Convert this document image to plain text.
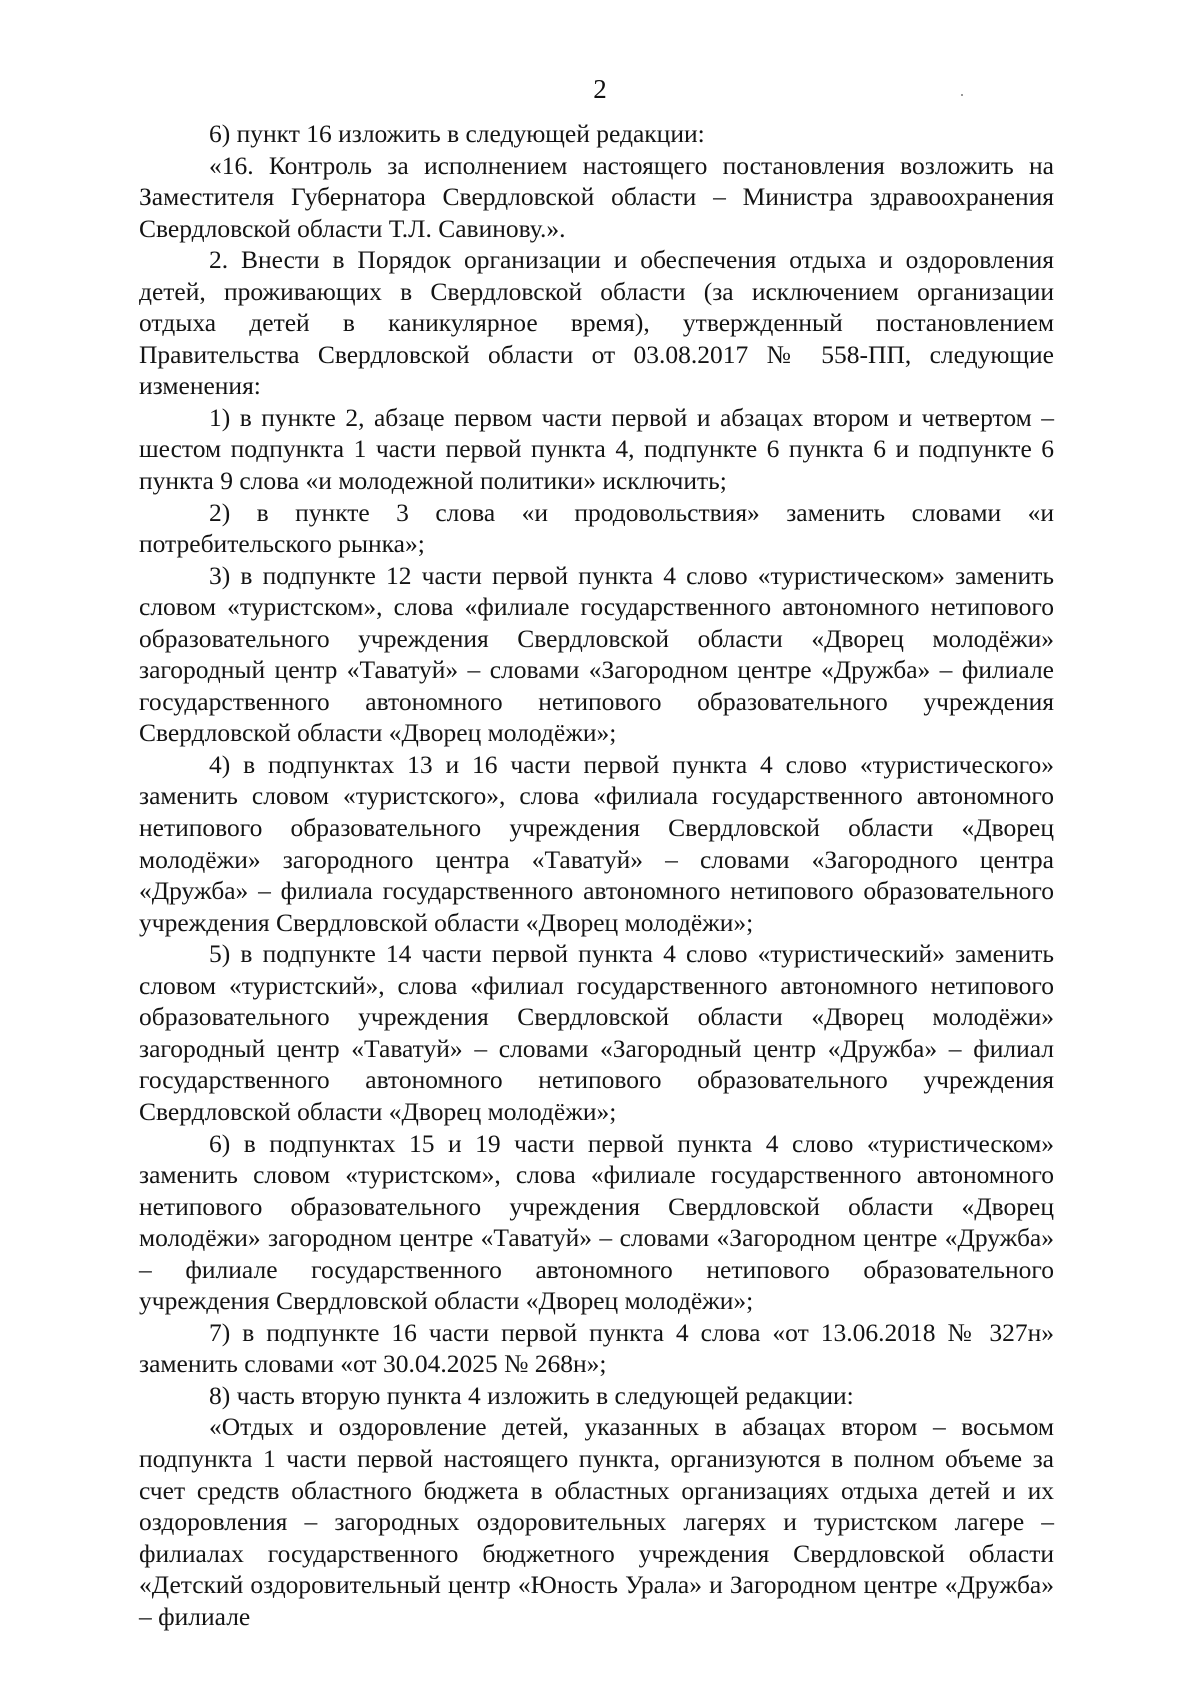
2

6) пункт 16 изложить в следующей редакции:

«16. Контроль за исполнением настоящего постановления возложить на Заместителя Губернатора Свердловской области – Министра здравоохранения Свердловской области Т.Л. Савинову.».

2. Внести в Порядок организации и обеспечения отдыха и оздоровления детей, проживающих в Свердловской области (за исключением организации отдыха детей в каникулярное время), утвержденный постановлением Правительства Свердловской области от 03.08.2017 № 558-ПП, следующие изменения:

1) в пункте 2, абзаце первом части первой и абзацах втором и четвертом – шестом подпункта 1 части первой пункта 4, подпункте 6 пункта 6 и подпункте 6 пункта 9 слова «и молодежной политики» исключить;

2) в пункте 3 слова «и продовольствия» заменить словами «и потребительского рынка»;

3) в подпункте 12 части первой пункта 4 слово «туристическом» заменить словом «туристском», слова «филиале государственного автономного нетипового образовательного учреждения Свердловской области «Дворец молодёжи» загородный центр «Таватуй» – словами «Загородном центре «Дружба» – филиале государственного автономного нетипового образовательного учреждения Свердловской области «Дворец молодёжи»;

4) в подпунктах 13 и 16 части первой пункта 4 слово «туристического» заменить словом «туристского», слова «филиала государственного автономного нетипового образовательного учреждения Свердловской области «Дворец молодёжи» загородного центра «Таватуй» – словами «Загородного центра «Дружба» – филиала государственного автономного нетипового образовательного учреждения Свердловской области «Дворец молодёжи»;

5) в подпункте 14 части первой пункта 4 слово «туристический» заменить словом «туристский», слова «филиал государственного автономного нетипового образовательного учреждения Свердловской области «Дворец молодёжи» загородный центр «Таватуй» – словами «Загородный центр «Дружба» – филиал государственного автономного нетипового образовательного учреждения Свердловской области «Дворец молодёжи»;

6) в подпунктах 15 и 19 части первой пункта 4 слово «туристическом» заменить словом «туристском», слова «филиале государственного автономного нетипового образовательного учреждения Свердловской области «Дворец молодёжи» загородном центре «Таватуй» – словами «Загородном центре «Дружба» – филиале государственного автономного нетипового образовательного учреждения Свердловской области «Дворец молодёжи»;

7) в подпункте 16 части первой пункта 4 слова «от 13.06.2018 № 327н» заменить словами «от 30.04.2025 № 268н»;

8) часть вторую пункта 4 изложить в следующей редакции:

«Отдых и оздоровление детей, указанных в абзацах втором – восьмом подпункта 1 части первой настоящего пункта, организуются в полном объеме за счет средств областного бюджета в областных организациях отдыха детей и их оздоровления – загородных оздоровительных лагерях и туристском лагере – филиалах государственного бюджетного учреждения Свердловской области «Детский оздоровительный центр «Юность Урала» и Загородном центре «Дружба» – филиале
